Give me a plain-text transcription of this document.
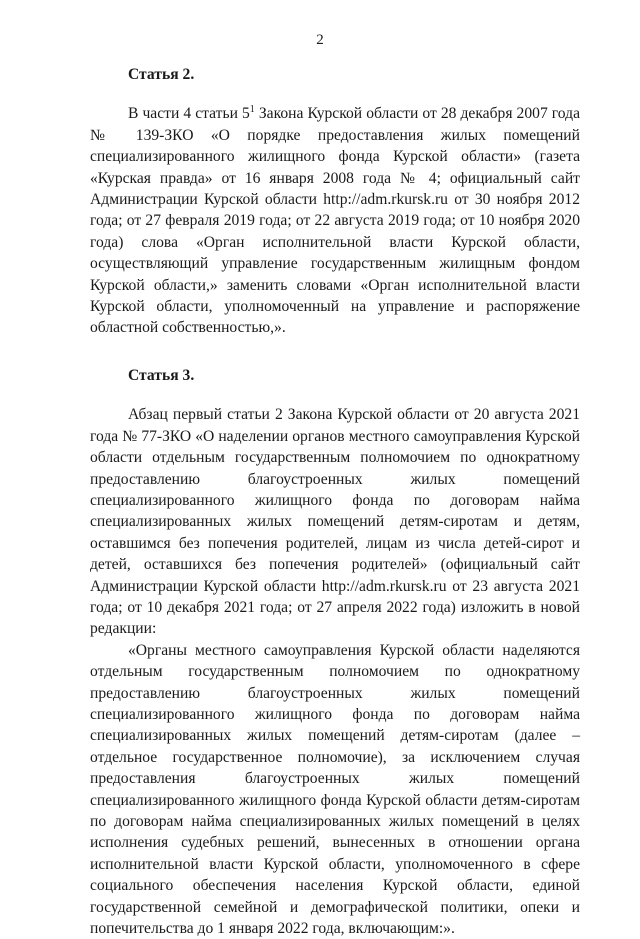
2
Статья 2.

В части 4 статьи $5^1$ Закона Курской области от 28 декабря 2007 года № 139-ЗКО «О порядке предоставления жилых помещений специализированного жилищного фонда Курской области» (газета «Курская правда» от 16 января 2008 года № 4; официальный сайт Администрации Курской области http://adm.rkursk.ru от 30 ноября 2012 года; от 27 февраля 2019 года; от 22 августа 2019 года; от 10 ноября 2020 года) слова «Орган исполнительной власти Курской области, осуществляющий управление государственным жилищным фондом Курской области,» заменить словами «Орган исполнительной власти Курской области, уполномоченный на управление и распоряжение областной собственностью,».

Статья 3.

Абзац первый статьи 2 Закона Курской области от 20 августа 2021 года № 77-ЗКО «О наделении органов местного самоуправления Курской области отдельным государственным полномочием по однократному предоставлению благоустроенных жилых помещений специализированного жилищного фонда по договорам найма специализированных жилых помещений детям-сиротам и детям, оставшимся без попечения родителей, лицам из числа детей-сирот и детей, оставшихся без попечения родителей» (официальный сайт Администрации Курской области http://adm.rkursk.ru от 23 августа 2021 года; от 10 декабря 2021 года; от 27 апреля 2022 года) изложить в новой редакции:

«Органы местного самоуправления Курской области наделяются отдельным государственным полномочием по однократному предоставлению благоустроенных жилых помещений специализированного жилищного фонда по договорам найма специализированных жилых помещений детям-сиротам (далее – отдельное государственное полномочие), за исключением случая предоставления благоустроенных жилых помещений специализированного жилищного фонда Курской области детям-сиротам по договорам найма специализированных жилых помещений в целях исполнения судебных решений, вынесенных в отношении органа исполнительной власти Курской области, уполномоченного в сфере социального обеспечения населения Курской области, единой государственной семейной и демографической политики, опеки и попечительства до 1 января 2022 года, включающим:».
